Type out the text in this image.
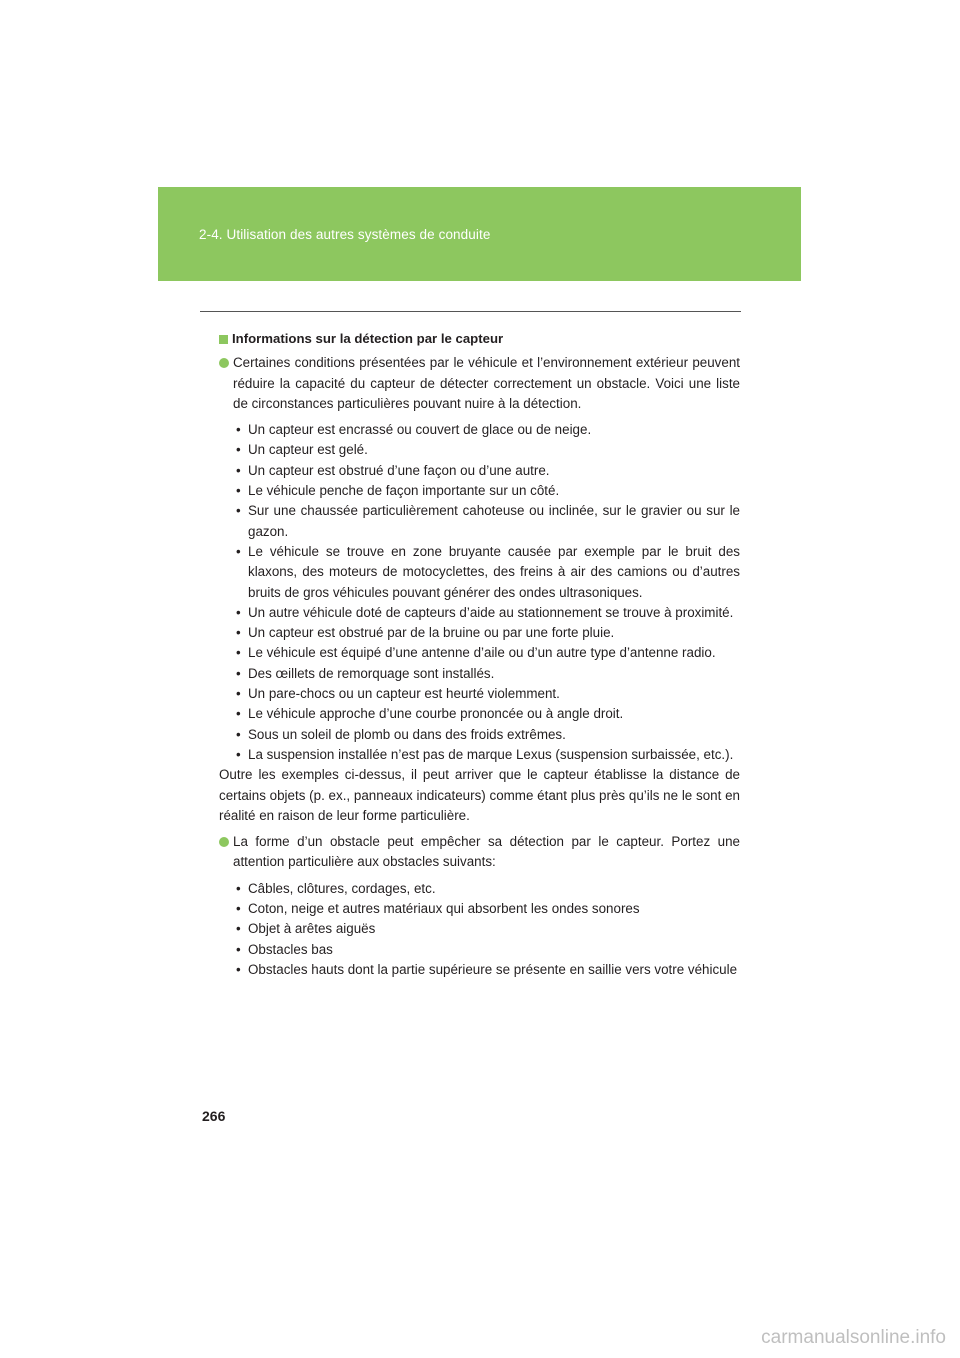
2-4. Utilisation des autres systèmes de conduite
Informations sur la détection par le capteur
Certaines conditions présentées par le véhicule et l’environnement extérieur peuvent réduire la capacité du capteur de détecter correctement un obstacle. Voici une liste de circonstances particulières pouvant nuire à la détection.
• Un capteur est encrassé ou couvert de glace ou de neige.
• Un capteur est gelé.
• Un capteur est obstrué d’une façon ou d’une autre.
• Le véhicule penche de façon importante sur un côté.
• Sur une chaussée particulièrement cahoteuse ou inclinée, sur le gravier ou sur le gazon.
• Le véhicule se trouve en zone bruyante causée par exemple par le bruit des klaxons, des moteurs de motocyclettes, des freins à air des camions ou d’autres bruits de gros véhicules pouvant générer des ondes ultrasoniques.
• Un autre véhicule doté de capteurs d’aide au stationnement se trouve à proximité.
• Un capteur est obstrué par de la bruine ou par une forte pluie.
• Le véhicule est équipé d’une antenne d’aile ou d’un autre type d’antenne radio.
• Des œillets de remorquage sont installés.
• Un pare-chocs ou un capteur est heurté violemment.
• Le véhicule approche d’une courbe prononcée ou à angle droit.
• Sous un soleil de plomb ou dans des froids extrêmes.
• La suspension installée n’est pas de marque Lexus (suspension surbaissée, etc.).
Outre les exemples ci-dessus, il peut arriver que le capteur établisse la distance de certains objets (p. ex., panneaux indicateurs) comme étant plus près qu’ils ne le sont en réalité en raison de leur forme particulière.
La forme d’un obstacle peut empêcher sa détection par le capteur. Portez une attention particulière aux obstacles suivants:
• Câbles, clôtures, cordages, etc.
• Coton, neige et autres matériaux qui absorbent les ondes sonores
• Objet à arêtes aiguës
• Obstacles bas
• Obstacles hauts dont la partie supérieure se présente en saillie vers votre véhicule
266
carmanualsonline.info
